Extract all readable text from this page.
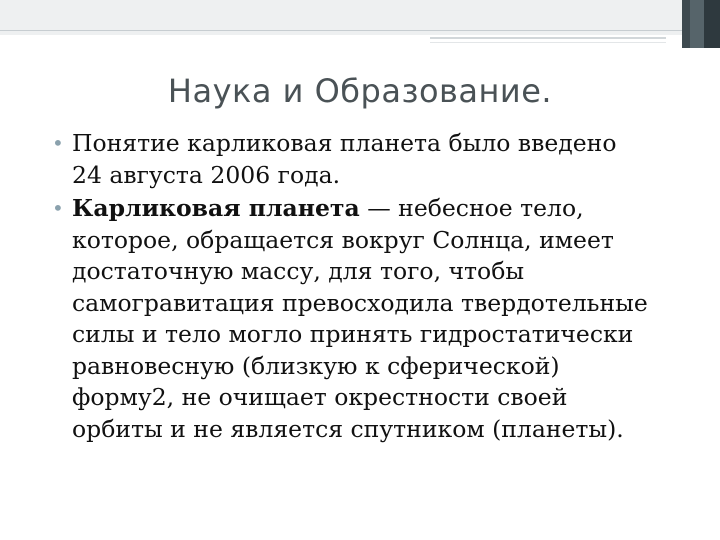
Наука и Образование.
• Понятие карликовая планета было введено
24 августа 2006 года.
• Карликовая планета — небесное тело,
которое, обращается вокруг Солнца, имеет
достаточную массу, для того, чтобы
самогравитация превосходила твердотельные
силы и тело могло принять гидростатически
равновесную (близкую к сферической)
форму2, не очищает окрестности своей
орбиты и не является спутником (планеты).
